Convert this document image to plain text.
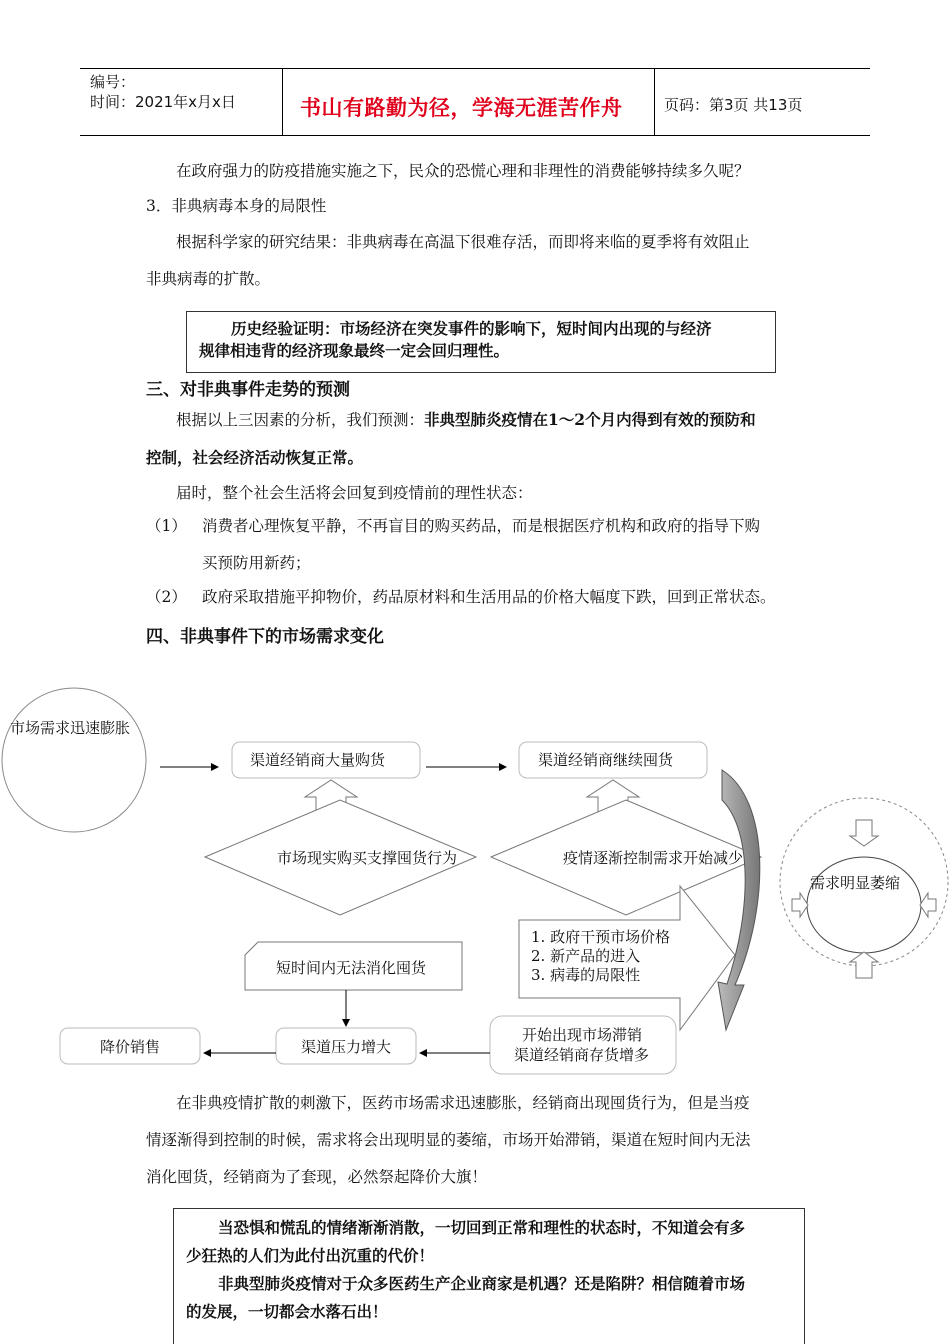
编号：
时间：2021年x月x日	书山有路勤为径，学海无涯苦作舟	页码：第3页 共13页
在政府强力的防疫措施实施之下，民众的恐慌心理和非理性的消费能够持续多久呢？
3．非典病毒本身的局限性
根据科学家的研究结果：非典病毒在高温下很难存活，而即将来临的夏季将有效阻止
非典病毒的扩散。
历史经验证明：市场经济在突发事件的影响下，短时间内出现的与经济
规律相违背的经济现象最终一定会回归理性。
三、对非典事件走势的预测
根据以上三因素的分析，我们预测：非典型肺炎疫情在1～2个月内得到有效的预防和
控制，社会经济活动恢复正常。
届时，整个社会生活将会回复到疫情前的理性状态：
（1） 消费者心理恢复平静，不再盲目的购买药品，而是根据医疗机构和政府的指导下购
买预防用新药；
（2） 政府采取措施平抑物价，药品原材料和生活用品的价格大幅度下跌，回到正常状态。
四、非典事件下的市场需求变化
市场需求迅速膨胀
渠道经销商大量购货	渠道经销商继续囤货
市场现实购买支撑囤货行为	疫情逐渐控制需求开始减少
需求明显萎缩
1. 政府干预市场价格
2. 新产品的进入
3. 病毒的局限性
短时间内无法消化囤货
开始出现市场滞销
渠道经销商存货增多
渠道压力增大
降价销售
在非典疫情扩散的刺激下，医药市场需求迅速膨胀，经销商出现囤货行为，但是当疫
情逐渐得到控制的时候，需求将会出现明显的萎缩，市场开始滞销，渠道在短时间内无法
消化囤货，经销商为了套现，必然祭起降价大旗！
当恐惧和慌乱的情绪渐渐消散，一切回到正常和理性的状态时，不知道会有多
少狂热的人们为此付出沉重的代价！
非典型肺炎疫情对于众多医药生产企业商家是机遇？还是陷阱？相信随着市场
的发展，一切都会水落石出！
